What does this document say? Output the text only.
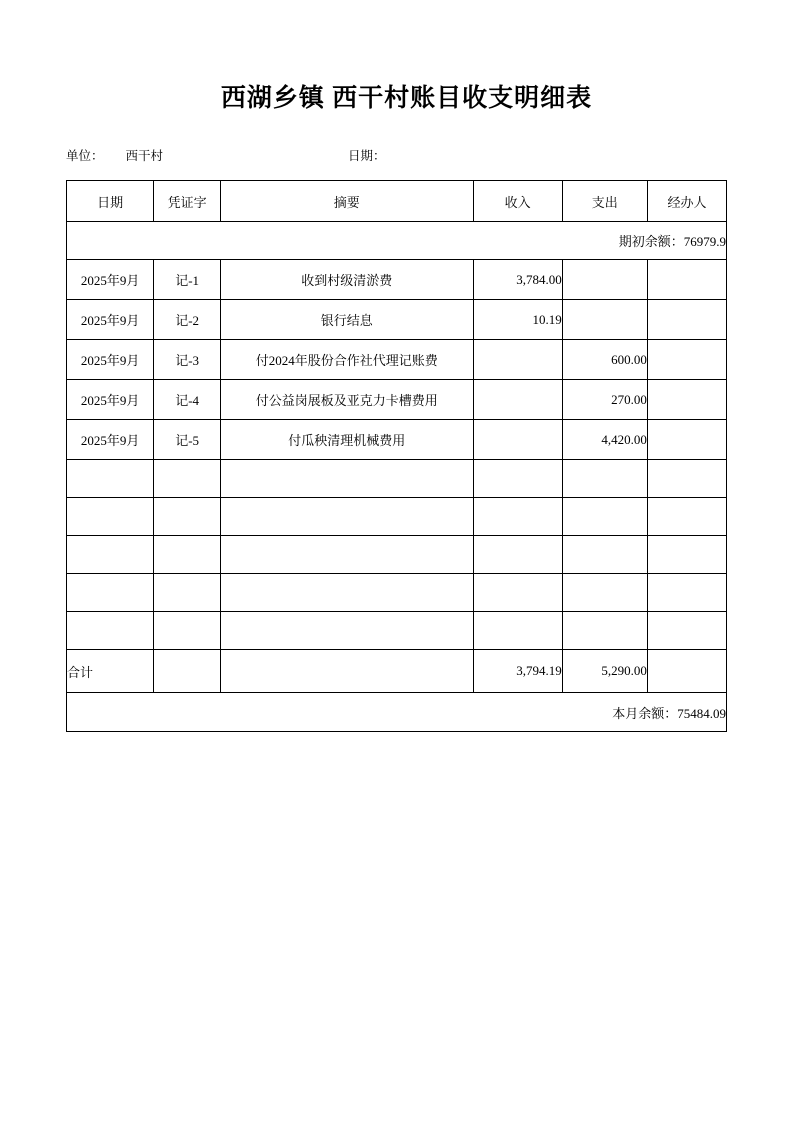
西湖乡镇 西干村账目收支明细表
单位：	西干村	日期：
日期	凭证字	摘要	收入	支出	经办人
期初余额：76979.9					
2025年9月	记-1	收到村级清淤费	3,784.00		
2025年9月	记-2	银行结息	10.19		
2025年9月	记-3	付2024年股份合作社代理记账费		600.00	
2025年9月	记-4	付公益岗展板及亚克力卡槽费用		270.00	
2025年9月	记-5	付瓜秧清理机械费用		4,420.00	

合计			3,794.19	5,290.00	
本月余额：75484.09					
